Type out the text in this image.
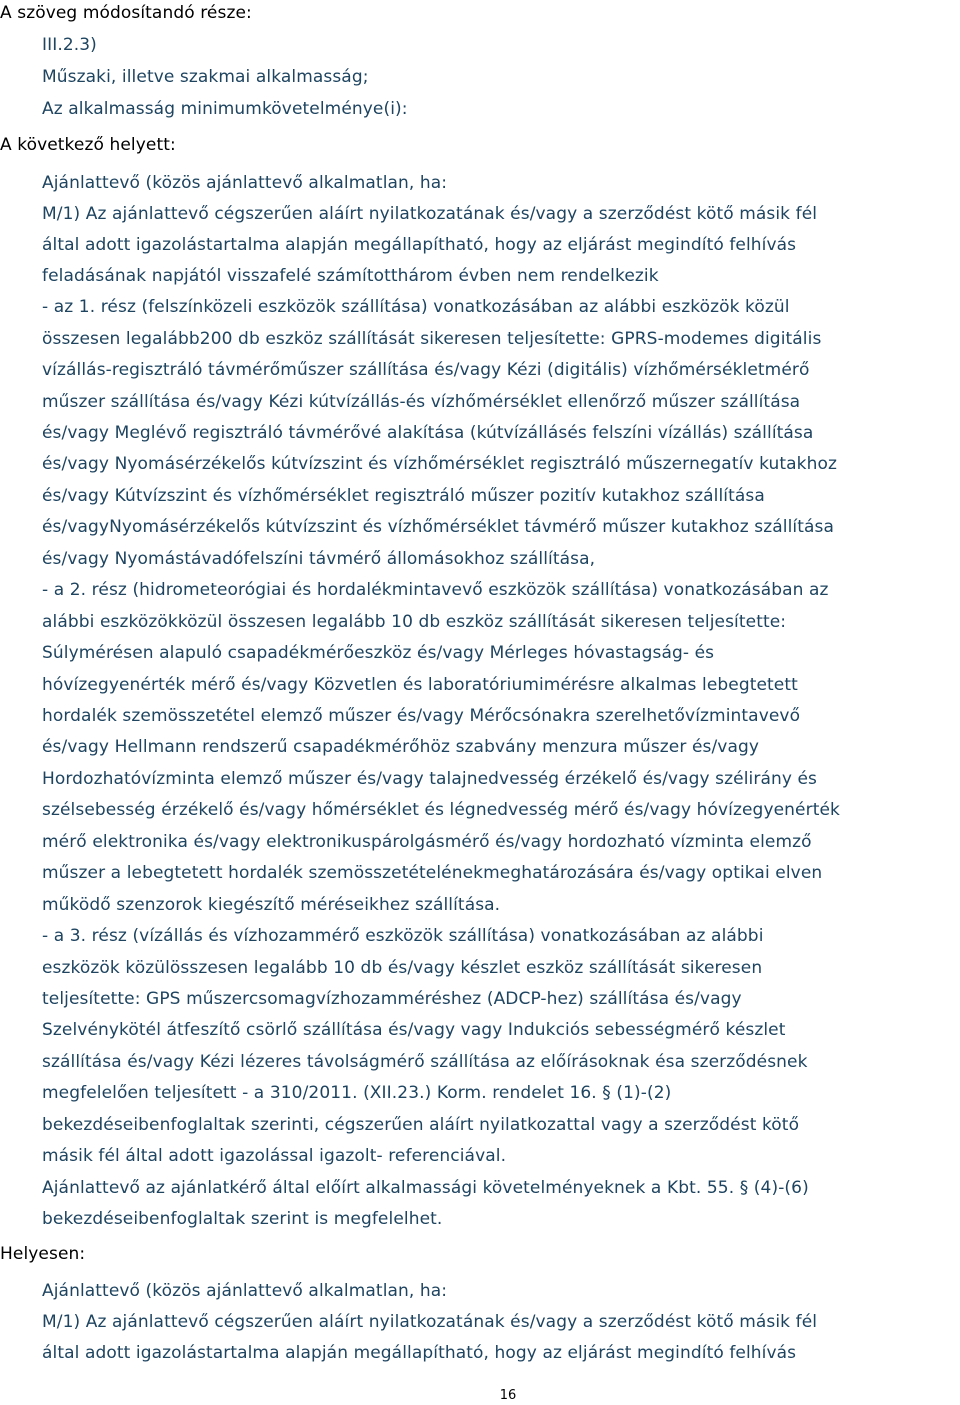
A szöveg módosítandó része:
III.2.3)
Műszaki, illetve szakmai alkalmasság;
Az alkalmasság minimumkövetelménye(i):
A következő helyett:
Ajánlattevő (közös ajánlattevő alkalmatlan, ha:
M/1) Az ajánlattevő cégszerűen aláírt nyilatkozatának és/vagy a szerződést kötő másik fél
által adott igazolástartalma alapján megállapítható, hogy az eljárást megindító felhívás
feladásának napjától visszafelé számítotthárom évben nem rendelkezik
- az 1. rész (felszínközeli eszközök szállítása) vonatkozásában az alábbi eszközök közül
összesen legalább200 db eszköz szállítását sikeresen teljesítette: GPRS-modemes digitális
vízállás-regisztráló távmérőműszer szállítása és/vagy Kézi (digitális) vízhőmérsékletmérő
műszer szállítása és/vagy Kézi kútvízállás-és vízhőmérséklet ellenőrző műszer szállítása
és/vagy Meglévő regisztráló távmérővé alakítása (kútvízállásés felszíni vízállás) szállítása
és/vagy Nyomásérzékelős kútvízszint és vízhőmérséklet regisztráló műszernegatív kutakhoz
és/vagy Kútvízszint és vízhőmérséklet regisztráló műszer pozitív kutakhoz szállítása
és/vagyNyomásérzékelős kútvízszint és vízhőmérséklet távmérő műszer kutakhoz szállítása
és/vagy Nyomástávadófelszíni távmérő állomásokhoz szállítása,
- a 2. rész (hidrometeorógiai és hordalékmintavevő eszközök szállítása) vonatkozásában az
alábbi eszközökközül összesen legalább 10 db eszköz szállítását sikeresen teljesítette:
Súlymérésen alapuló csapadékmérőeszköz és/vagy Mérleges hóvastagság- és
hóvízegyenérték mérő és/vagy Közvetlen és laboratóriumimérésre alkalmas lebegtetett
hordalék szemösszetétel elemző műszer és/vagy Mérőcsónakra szerelhetővízmintavevő
és/vagy Hellmann rendszerű csapadékmérőhöz szabvány menzura műszer és/vagy
Hordozhatóvízminta elemző műszer és/vagy talajnedvesség érzékelő és/vagy szélirány és
szélsebesség érzékelő és/vagy hőmérséklet és légnedvesség mérő és/vagy hóvízegyenérték
mérő elektronika és/vagy elektronikuspárolgásmérő és/vagy hordozható vízminta elemző
műszer a lebegtetett hordalék szemösszetételénekmeghatározására és/vagy optikai elven
működő szenzorok kiegészítő méréseikhez szállítása.
- a 3. rész (vízállás és vízhozammérő eszközök szállítása) vonatkozásában az alábbi
eszközök közülösszesen legalább 10 db és/vagy készlet eszköz szállítását sikeresen
teljesítette: GPS műszercsomagvízhozamméréshez (ADCP-hez) szállítása és/vagy
Szelvénykötél átfeszítő csörlő szállítása és/vagy vagy Indukciós sebességmérő készlet
szállítása és/vagy Kézi lézeres távolságmérő szállítása az előírásoknak ésa szerződésnek
megfelelően teljesített - a 310/2011. (XII.23.) Korm. rendelet 16. § (1)-(2)
bekezdéseibenfoglaltak szerinti, cégszerűen aláírt nyilatkozattal vagy a szerződést kötő
másik fél által adott igazolással igazolt- referenciával.
Ajánlattevő az ajánlatkérő által előírt alkalmassági követelményeknek a Kbt. 55. § (4)-(6)
bekezdéseibenfoglaltak szerint is megfelelhet.
Helyesen:
Ajánlattevő (közös ajánlattevő alkalmatlan, ha:
M/1) Az ajánlattevő cégszerűen aláírt nyilatkozatának és/vagy a szerződést kötő másik fél
által adott igazolástartalma alapján megállapítható, hogy az eljárást megindító felhívás
16
